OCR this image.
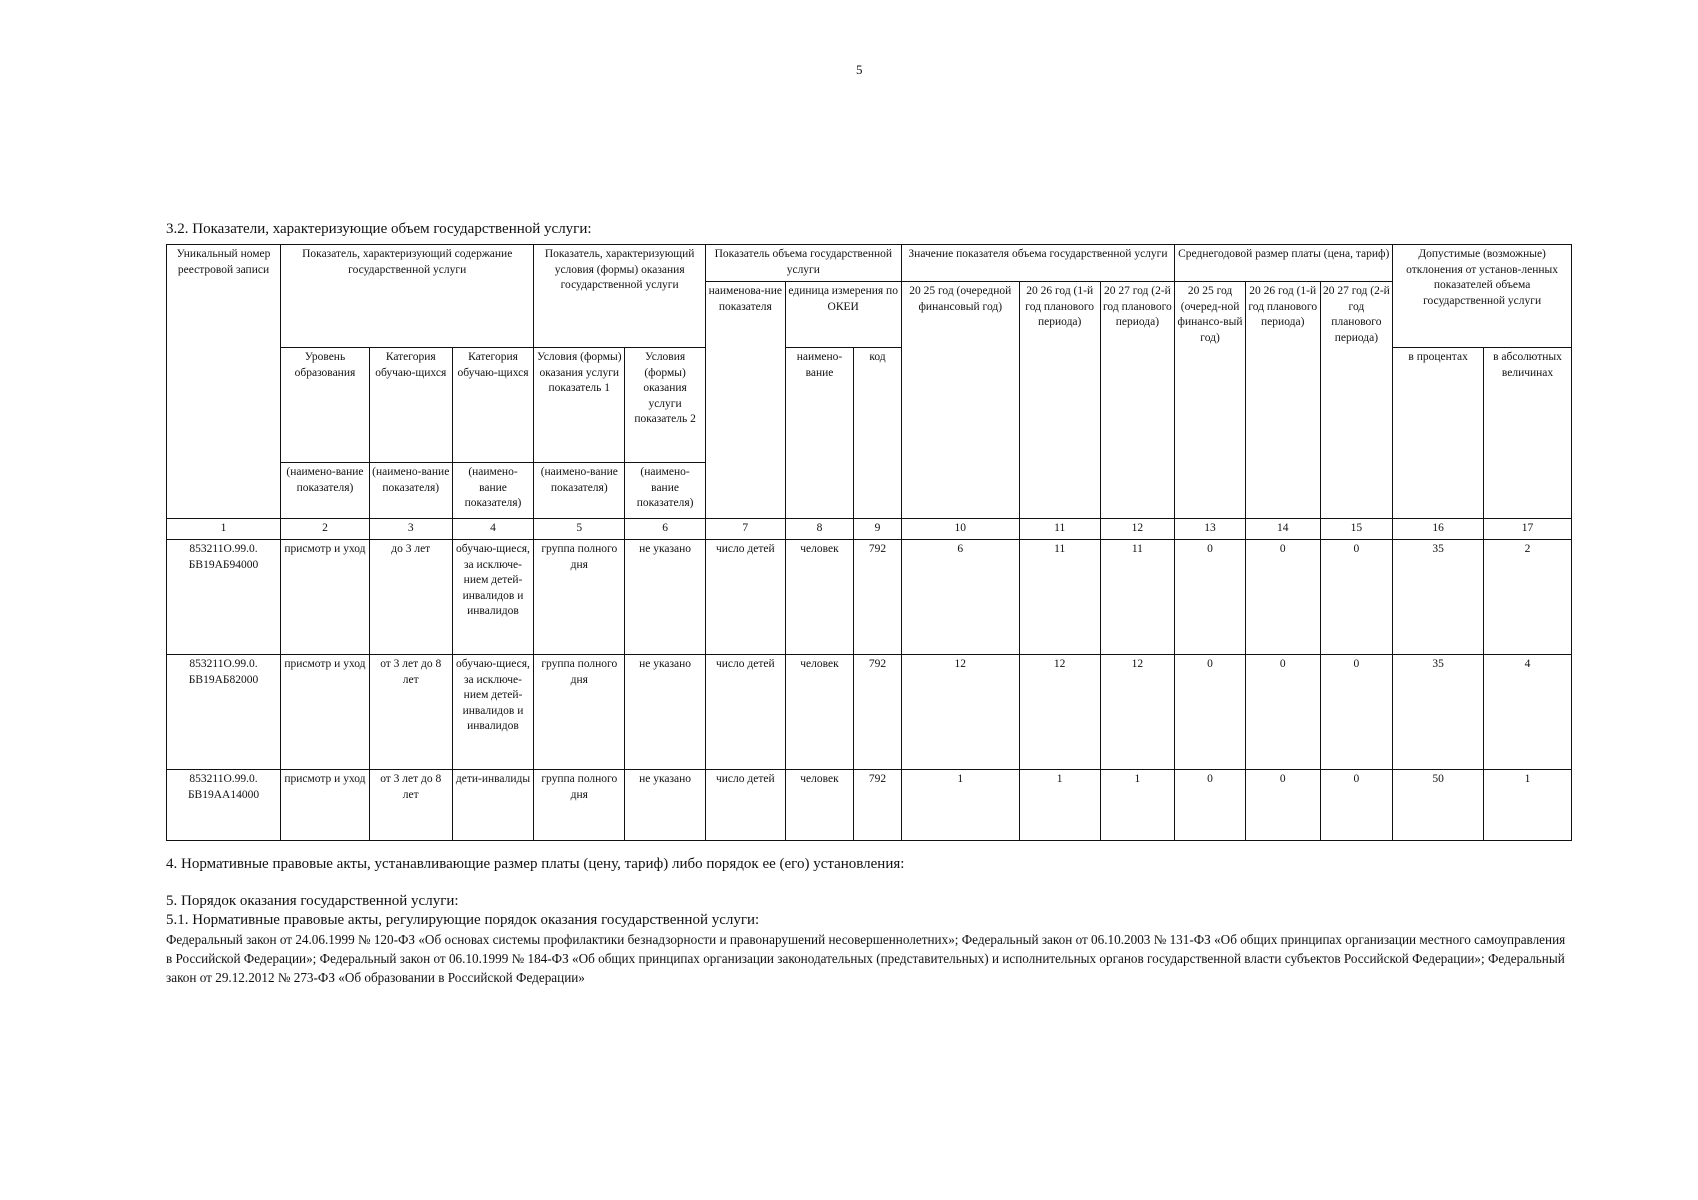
5
3.2. Показатели, характеризующие объем государственной услуги:
Уникальный номер реестровой записи	Показатель, характеризующий содержание государственной услуги			Показатель, характеризующий условия (формы) оказания государственной услуги		Показатель объема государственной услуги			Значение показателя объема государственной услуги			Среднегодовой размер платы (цена, тариф)			Допустимые (возможные) отклонения от установ-ленных показателей объема государственной услуги	
						наименова-ние показателя	единица измерения по ОКЕИ		20 25 год (очередной финансовый год)	20 26 год (1-й год планового периода)	20 27 год (2-й год планового периода)	20 25 год (очеред-ной финансо-вый год)	20 26 год (1-й год планового периода)	20 27 год (2-й год планового периода)		
	Уровень образования	Категория обучаю-щихся	Категория обучаю-щихся	Условия (формы) оказания услуги показатель 1	Условия (формы) оказания услуги показатель 2		наимено-вание	код							в процентах	в абсолютных величинах

	(наимено-вание показателя)	(наимено-вание показателя)	(наимено-вание показателя)	(наимено-вание показателя)	(наимено-вание показателя)											
1	2	3	4	5	6	7	8	9	10	11	12	13	14	15	16	17
853211О.99.0. БВ19АБ94000	присмотр и уход	до 3 лет	обучаю-щиеся, за исключе-нием детей-инвалидов и инвалидов	группа полного дня	не указано	число детей	человек	792	6	11	11	0	0	0	35	2
853211О.99.0. БВ19АБ82000	присмотр и уход	от 3 лет до 8 лет	обучаю-щиеся, за исключе-нием детей-инвалидов и инвалидов	группа полного дня	не указано	число детей	человек	792	12	12	12	0	0	0	35	4
853211О.99.0. БВ19АА14000	присмотр и уход	от 3 лет до 8 лет	дети-инвалиды	группа полного дня	не указано	число детей	человек	792	1	1	1	0	0	0	50	1
4. Нормативные правовые акты, устанавливающие размер платы (цену, тариф) либо порядок ее (его) установления:
5. Порядок оказания государственной услуги:
5.1. Нормативные правовые акты, регулирующие порядок оказания государственной услуги:
Федеральный закон от 24.06.1999 № 120-ФЗ «Об основах системы профилактики безнадзорности и правонарушений несовершеннолетних»; Федеральный закон от 06.10.2003 № 131-ФЗ «Об общих принципах организации местного самоуправления в Российской Федерации»; Федеральный закон от 06.10.1999 № 184-ФЗ «Об общих принципах организации законодательных (представительных) и исполнительных органов государственной власти субъектов Российской Федерации»; Федеральный закон от 29.12.2012 № 273-ФЗ «Об образовании в Российской Федерации»
